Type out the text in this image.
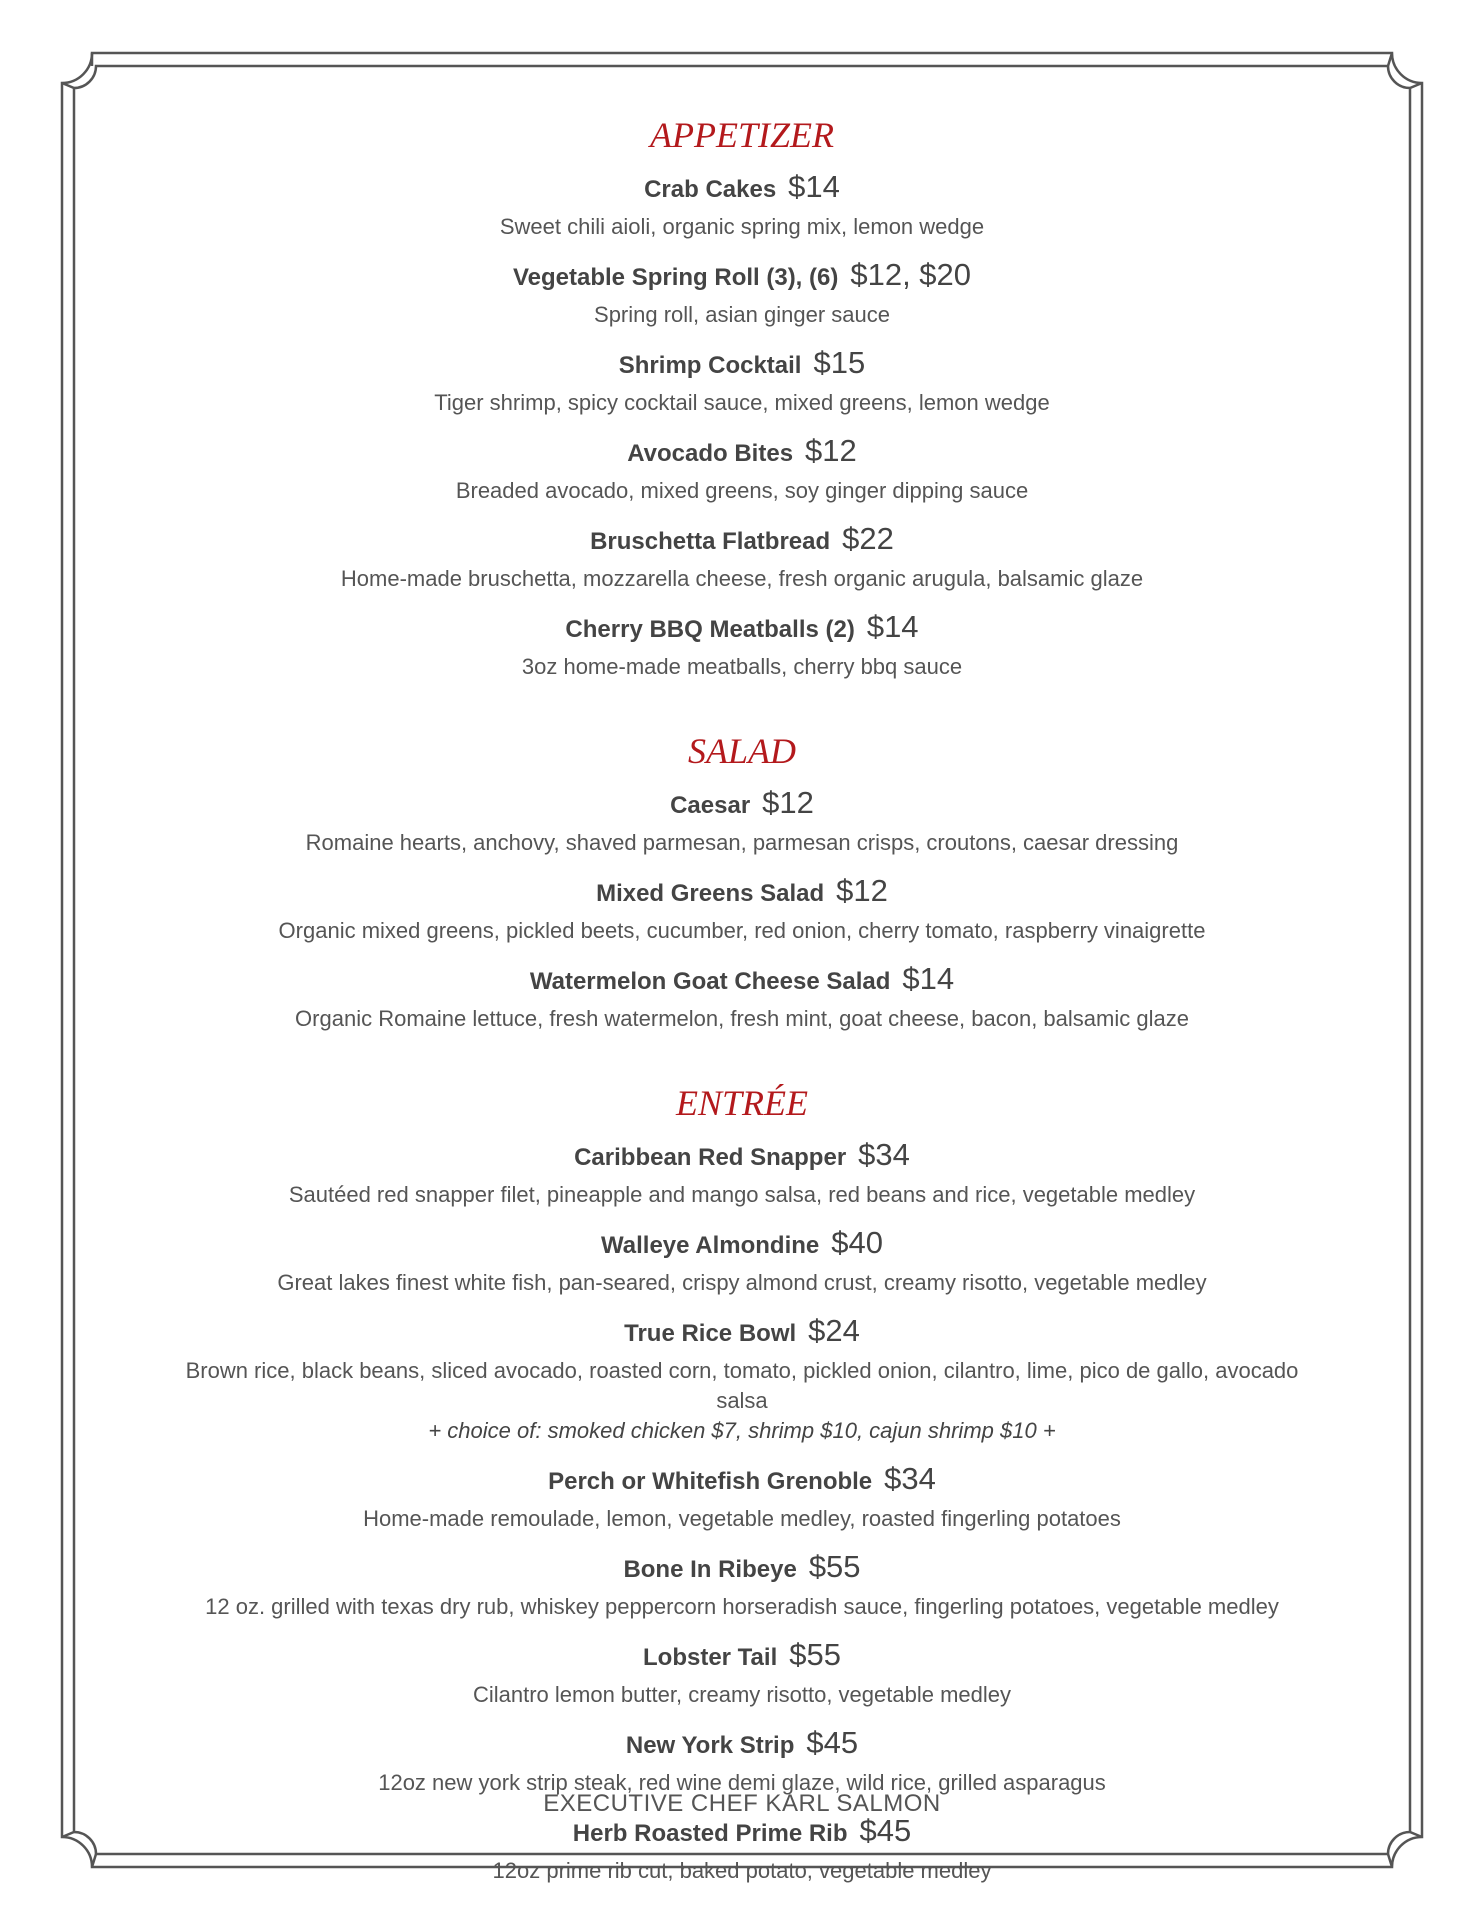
APPETIZER
Crab Cakes $14
Sweet chili aioli, organic spring mix, lemon wedge
Vegetable Spring Roll (3), (6) $12, $20
Spring roll, asian ginger sauce
Shrimp Cocktail $15
Tiger shrimp, spicy cocktail sauce, mixed greens, lemon wedge
Avocado Bites $12
Breaded avocado, mixed greens, soy ginger dipping sauce
Bruschetta Flatbread $22
Home-made bruschetta, mozzarella cheese, fresh organic arugula, balsamic glaze
Cherry BBQ Meatballs (2) $14
3oz home-made meatballs, cherry bbq sauce
SALAD
Caesar $12
Romaine hearts, anchovy, shaved parmesan, parmesan crisps, croutons, caesar dressing
Mixed Greens Salad $12
Organic mixed greens, pickled beets, cucumber, red onion, cherry tomato, raspberry vinaigrette
Watermelon Goat Cheese Salad $14
Organic Romaine lettuce, fresh watermelon, fresh mint, goat cheese, bacon, balsamic glaze
ENTRÉE
Caribbean Red Snapper $34
Sautéed red snapper filet, pineapple and mango salsa, red beans and rice, vegetable medley
Walleye Almondine $40
Great lakes finest white fish, pan-seared, crispy almond crust, creamy risotto, vegetable medley
True Rice Bowl $24
Brown rice, black beans, sliced avocado, roasted corn, tomato, pickled onion, cilantro, lime, pico de gallo, avocado salsa
+ choice of: smoked chicken $7, shrimp $10, cajun shrimp $10 +
Perch or Whitefish Grenoble $34
Home-made remoulade, lemon, vegetable medley, roasted fingerling potatoes
Bone In Ribeye $55
12 oz. grilled with texas dry rub, whiskey peppercorn horseradish sauce, fingerling potatoes, vegetable medley
Lobster Tail $55
Cilantro lemon butter, creamy risotto, vegetable medley
New York Strip $45
12oz new york strip steak, red wine demi glaze, wild rice, grilled asparagus
Herb Roasted Prime Rib $45
12oz prime rib cut, baked potato, vegetable medley
EXECUTIVE CHEF KARL SALMON
